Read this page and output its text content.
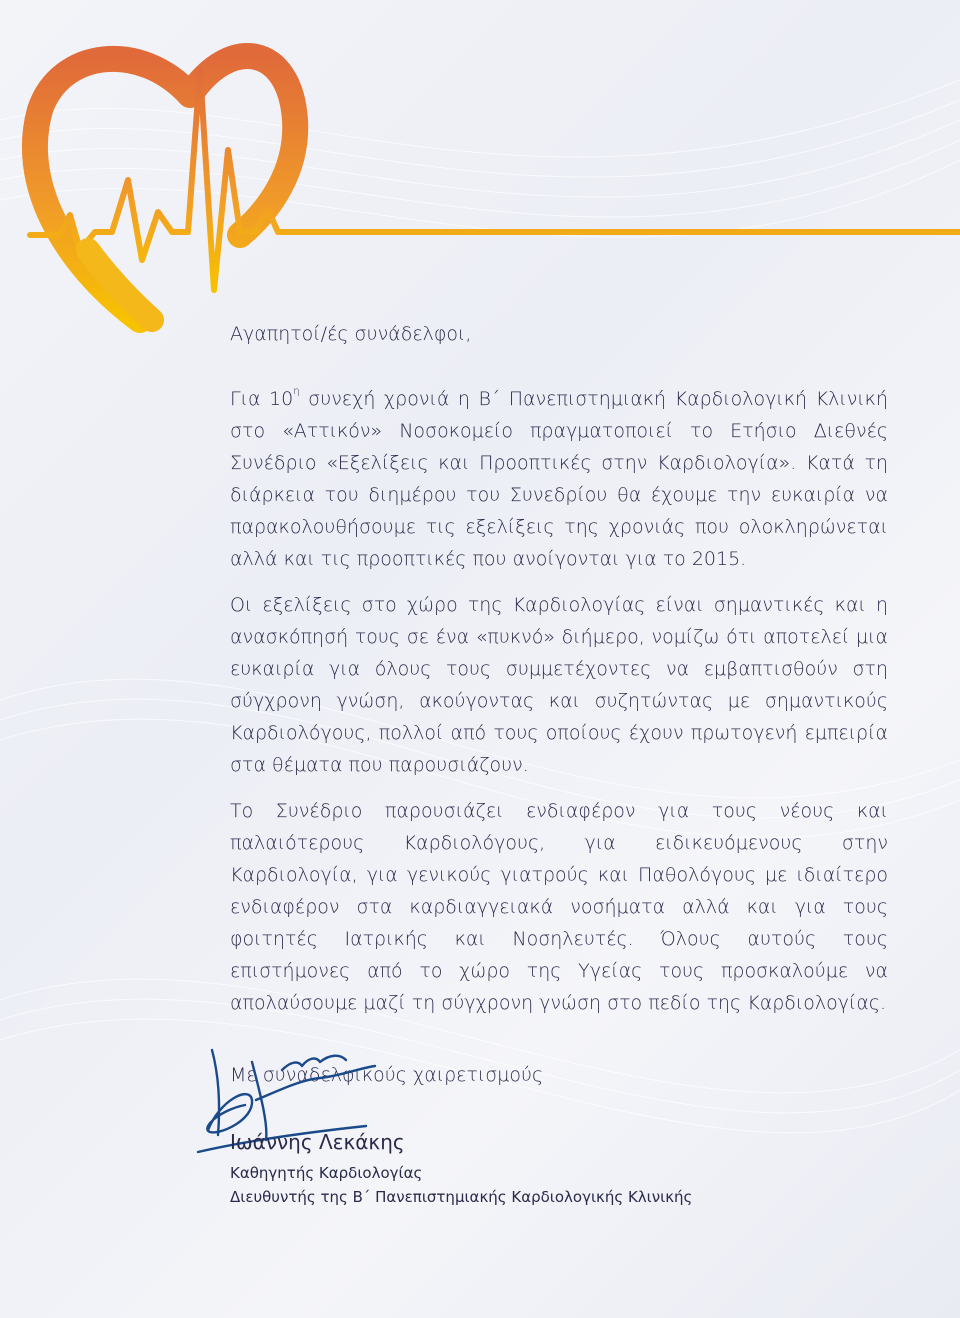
Αγαπητοί/ές συνάδελφοι,

Για $10^\eta$ συνεχή χρονιά η Β΄ Πανεπιστημιακή Καρδιολογική Κλινική στο «Αττικόν» Νοσοκομείο πραγματοποιεί το Ετήσιο Διεθνές Συνέδριο «Εξελίξεις και Προοπτικές στην Καρδιολογία». Κατά τη διάρκεια του διημέρου του Συνεδρίου θα έχουμε την ευκαιρία να παρακολουθήσουμε τις εξελίξεις της χρονιάς που ολοκληρώνεται αλλά και τις προοπτικές που ανοίγονται για το 2015.

Οι εξελίξεις στο χώρο της Καρδιολογίας είναι σημαντικές και η ανασκόπησή τους σε ένα «πυκνό» διήμερο, νομίζω ότι αποτελεί μια ευκαιρία για όλους τους συμμετέχοντες να εμβαπτισθούν στη σύγχρονη γνώση, ακούγοντας και συζητώντας με σημαντικούς Καρδιολόγους, πολλοί από τους οποίους έχουν πρωτογενή εμπειρία στα θέματα που παρουσιάζουν.

Το Συνέδριο παρουσιάζει ενδιαφέρον για τους νέους και παλαιότερους Καρδιολόγους, για ειδικευόμενους στην Καρδιολογία, για γενικούς γιατρούς και Παθολόγους με ιδιαίτερο ενδιαφέρον στα καρδιαγγειακά νοσήματα αλλά και για τους φοιτητές Ιατρικής και Νοσηλευτές. Όλους αυτούς τους επιστήμονες από το χώρο της Υγείας τους προσκαλούμε να απολαύσουμε μαζί τη σύγχρονη γνώση στο πεδίο της Καρδιολογίας.

Με συναδελφικούς χαιρετισμούς

Ιωάννης Λεκάκης

Καθηγητής Καρδιολογίας

Διευθυντής της Β΄ Πανεπιστημιακής Καρδιολογικής Κλινικής
